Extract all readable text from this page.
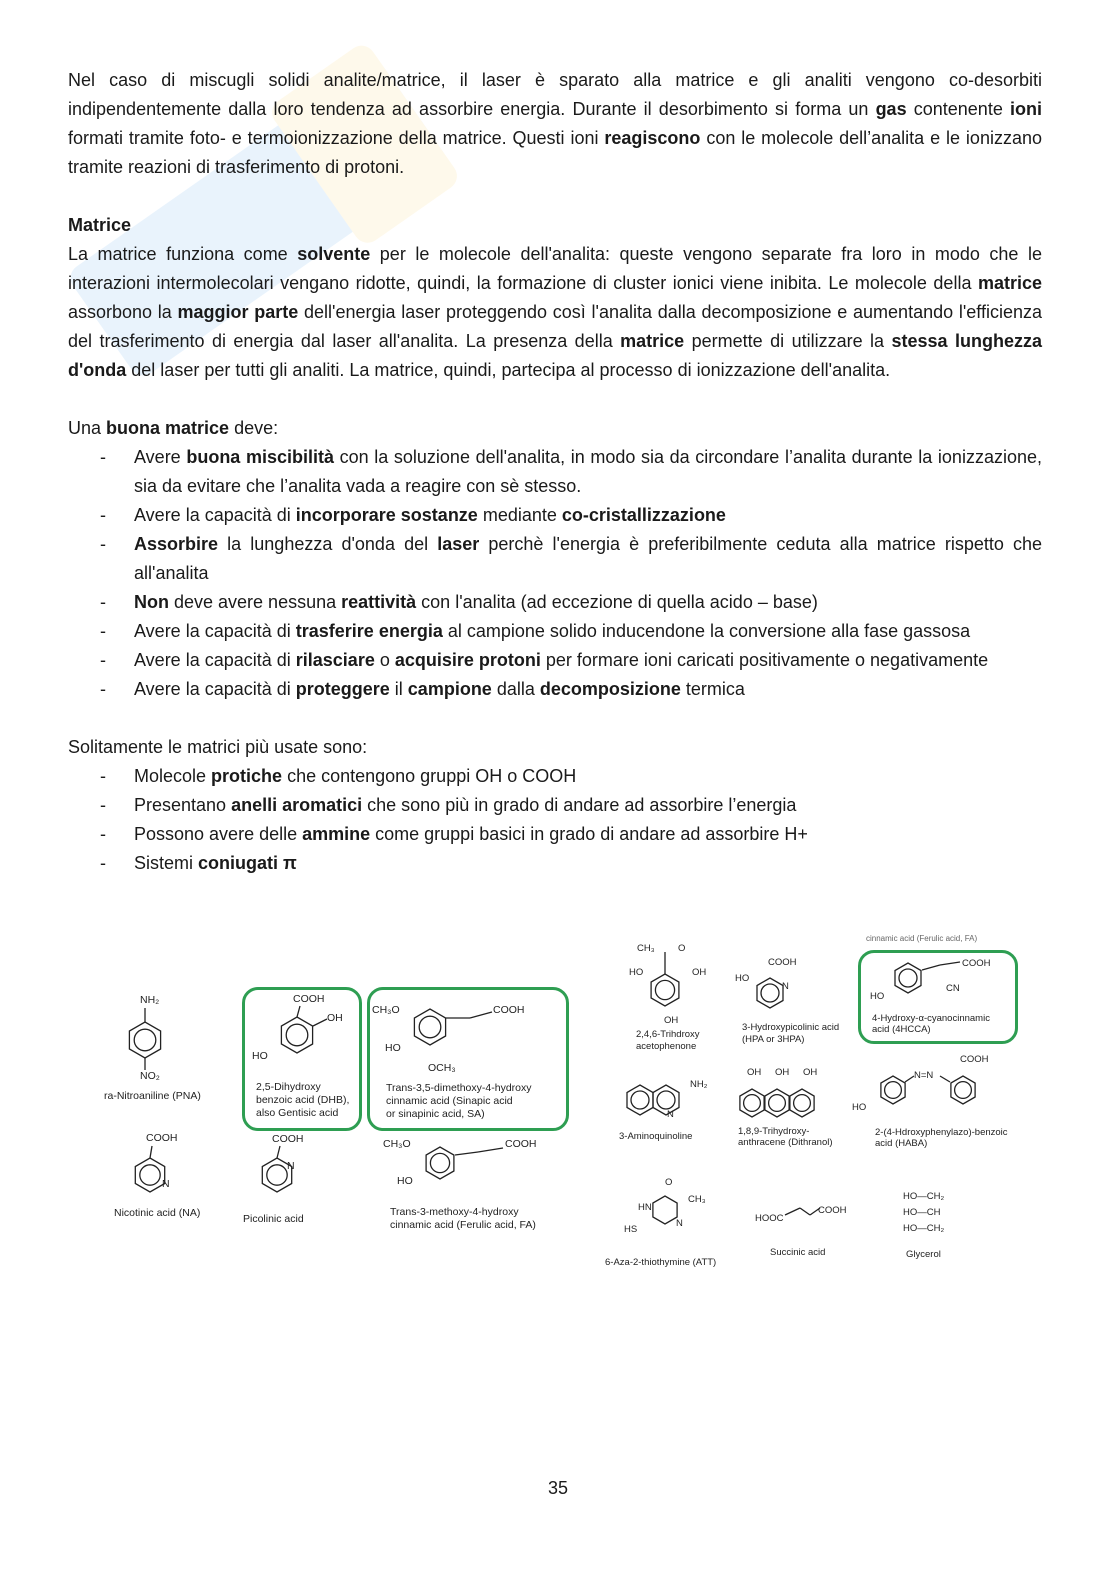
Nel caso di miscugli solidi analite/matrice, il laser è sparato alla matrice e gli analiti vengono co-desorbiti indipendentemente dalla loro tendenza ad assorbire energia. Durante il desorbimento si forma un gas contenente ioni formati tramite foto- e termoionizzazione della matrice. Questi ioni reagiscono con le molecole dell’analita e le ionizzano tramite reazioni di trasferimento di protoni.

Matrice

La matrice funziona come solvente per le molecole dell'analita: queste vengono separate fra loro in modo che le interazioni intermolecolari vengano ridotte, quindi, la formazione di cluster ionici viene inibita. Le molecole della matrice assorbono la maggior parte dell'energia laser proteggendo così l'analita dalla decomposizione e aumentando l'efficienza del trasferimento di energia dal laser all'analita. La presenza della matrice permette di utilizzare la stessa lunghezza d'onda del laser per tutti gli analiti. La matrice, quindi, partecipa al processo di ionizzazione dell'analita.

Una buona matrice deve:

- Avere buona miscibilità con la soluzione dell'analita, in modo sia da circondare l’analita durante la ionizzazione, sia da evitare che l’analita vada a reagire con sè stesso.
- Avere la capacità di incorporare sostanze mediante co-cristallizzazione
- Assorbire la lunghezza d'onda del laser perchè l'energia è preferibilmente ceduta alla matrice rispetto che all'analita
- Non deve avere nessuna reattività con l'analita (ad eccezione di quella acido – base)
- Avere la capacità di trasferire energia al campione solido inducendone la conversione alla fase gassosa
- Avere la capacità di rilasciare o acquisire protoni per formare ioni caricati positivamente o negativamente
- Avere la capacità di proteggere il campione dalla decomposizione termica

Solitamente le matrici più usate sono:

- Molecole protiche che contengono gruppi OH o COOH
- Presentano anelli aromatici che sono più in grado di andare ad assorbire l’energia
- Possono avere delle ammine come gruppi basici in grado di andare ad assorbire H+
- Sistemi coniugati π
NH₂
NO₂
ra-Nitroaniline (PNA)
COOH
OH
HO
2,5-Dihydroxy
benzoic acid (DHB),
also Gentisic acid
CH₃O	COOH
HO
OCH₃
Trans-3,5-dimethoxy-4-hydroxy
cinnamic acid (Sinapic acid
or sinapinic acid, SA)
COOH
N
Nicotinic acid (NA)
COOH
N
Picolinic acid
CH₃O	COOH
HO
Trans-3-methoxy-4-hydroxy
cinnamic acid (Ferulic acid, FA)
cinnamic acid (Ferulic acid, FA)
CH₃ O
HO	OH
OH
2,4,6-Trihdroxy
acetophenone
COOH
HO
N
3-Hydroxypicolinic acid
(HPA or 3HPA)
COOH
CN
HO
4-Hydroxy-α-cyanocinnamic
acid (4HCCA)
NH₂
N
3-Aminoquinoline
OH OH OH
1,8,9-Trihydroxy-
anthracene (Dithranol)
COOH
N=N
HO
2-(4-Hdroxyphenylazo)-benzoic
acid (HABA)
O
CH₃
HN
HS
N
6-Aza-2-thiothymine (ATT)
HOOC
COOH
Succinic acid
HO—CH₂
HO—CH
HO—CH₂
Glycerol
35
